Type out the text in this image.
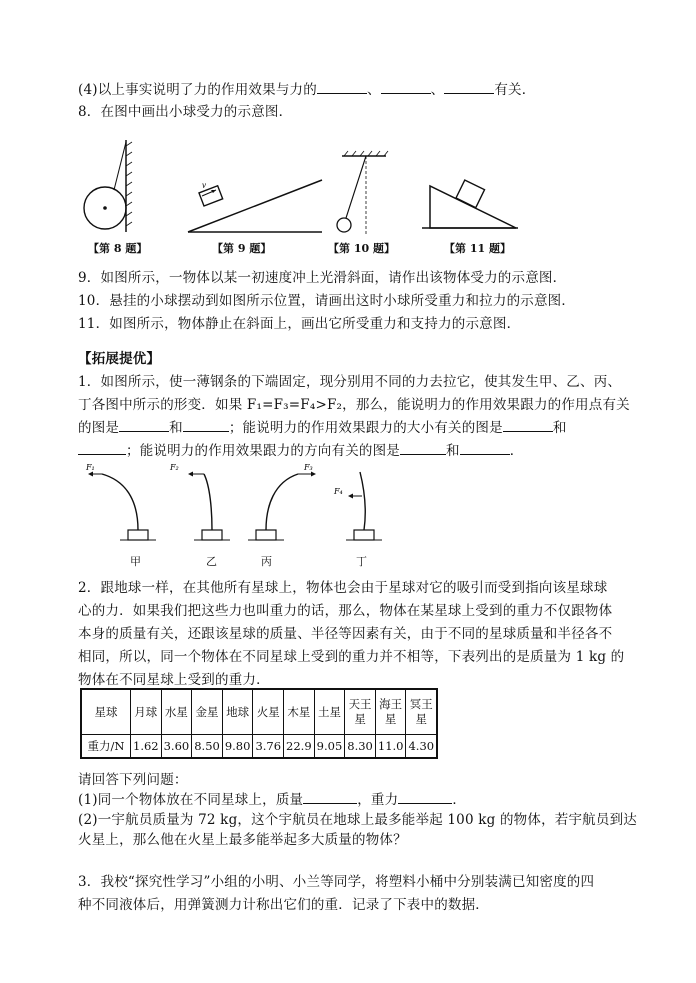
(4)以上事实说明了力的作用效果与力的	、	、	有关．
8．在图中画出小球受力的示意图．
v
【第 8 题】	【第 9 题】	【第 10 题】	【第 11 题】
9．如图所示，一物体以某一初速度冲上光滑斜面，请作出该物体受力的示意图．
10．悬挂的小球摆动到如图所示位置，请画出这时小球所受重力和拉力的示意图．
11．如图所示，物体静止在斜面上，画出它所受重力和支持力的示意图．
【拓展提优】
1．如图所示，使一薄钢条的下端固定，现分别用不同的力去拉它，使其发生甲、乙、丙、
丁各图中所示的形变．如果 F₁=F₃=F₄>F₂，那么，能说明力的作用效果跟力的作用点有关
的图是	和	；能说明力的作用效果跟力的大小有关的图是	和
；能说明力的作用效果跟力的方向有关的图是	和	．
F₁	F₂	F₃
F₄
甲	乙	丙	丁
2．跟地球一样，在其他所有星球上，物体也会由于星球对它的吸引而受到指向该星球球
心的力．如果我们把这些力也叫重力的话，那么，物体在某星球上受到的重力不仅跟物体
本身的质量有关，还跟该星球的质量、半径等因素有关，由于不同的星球质量和半径各不
相同，所以，同一个物体在不同星球上受到的重力并不相等，下表列出的是质量为 1 kg 的
物体在不同星球上受到的重力．
星球	月球	水星	金星	地球	火星	木星	土星	天王星	海王星	冥王星
重力/N	1.62	3.60	8.50	9.80	3.76	22.9	9.05	8.30	11.0	4.30
请回答下列问题：
(1)同一个物体放在不同星球上，质量	，重力	．
(2)一宇航员质量为 72 kg，这个宇航员在地球上最多能举起 100 kg 的物体，若宇航员到达
火星上，那么他在火星上最多能举起多大质量的物体？
3．我校“探究性学习”小组的小明、小兰等同学，将塑料小桶中分别装满已知密度的四
种不同液体后，用弹簧测力计称出它们的重．记录了下表中的数据．
